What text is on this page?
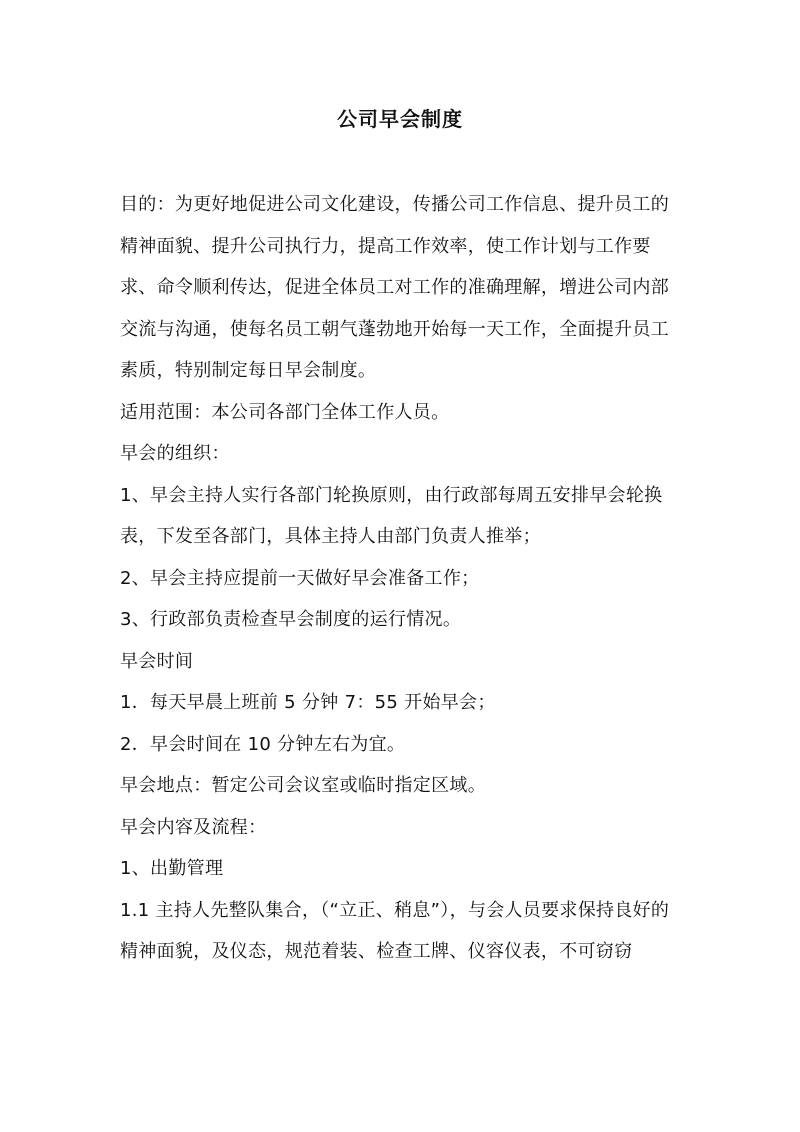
公司早会制度

目的：为更好地促进公司文化建设，传播公司工作信息、提升员工的精神面貌、提升公司执行力，提高工作效率，使工作计划与工作要求、命令顺利传达，促进全体员工对工作的准确理解，增进公司内部交流与沟通，使每名员工朝气蓬勃地开始每一天工作，全面提升员工素质，特别制定每日早会制度。

适用范围：本公司各部门全体工作人员。

早会的组织：

1、早会主持人实行各部门轮换原则，由行政部每周五安排早会轮换表，下发至各部门，具体主持人由部门负责人推举；

2、早会主持应提前一天做好早会准备工作；

3、行政部负责检查早会制度的运行情况。

早会时间

1．每天早晨上班前 5 分钟 7：55 开始早会；

2．早会时间在 10 分钟左右为宜。

早会地点：暂定公司会议室或临时指定区域。

早会内容及流程：

1、出勤管理

1.1 主持人先整队集合，（“立正、稍息”），与会人员要求保持良好的精神面貌，及仪态，规范着装、检查工牌、仪容仪表，不可窃窃
